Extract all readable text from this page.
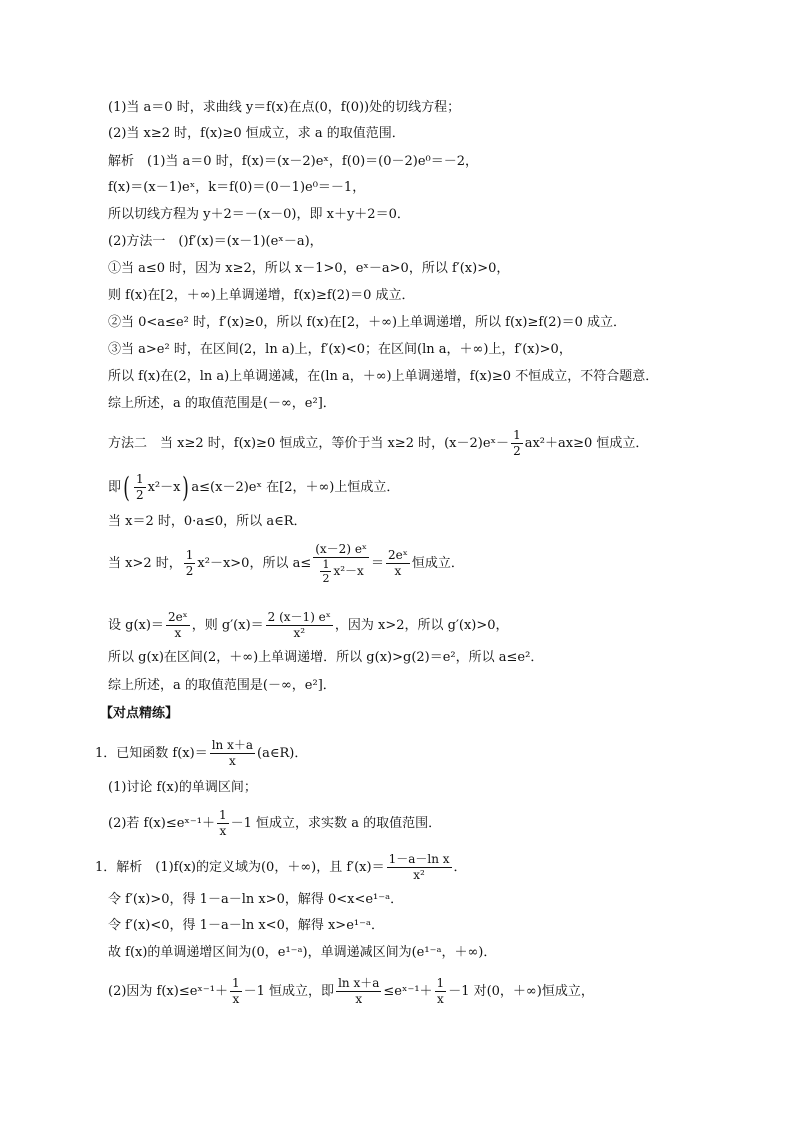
(1)当 a＝0 时，求曲线 y＝f(x)在点(0，f(0))处的切线方程；
(2)当 x≥2 时，f(x)≥0 恒成立，求 a 的取值范围．
解析　(1)当 a＝0 时，f(x)＝(x－2)eˣ，f(0)＝(0－2)e⁰＝－2，
f(x)＝(x－1)eˣ，k＝f(0)＝(0－1)e⁰＝－1，
所以切线方程为 y＋2＝－(x－0)，即 x＋y＋2＝0．
(2)方法一　()f′(x)＝(x－1)(eˣ－a)，
①当 a≤0 时，因为 x≥2，所以 x－1>0，eˣ－a>0，所以 f′(x)>0，
则 f(x)在[2，＋∞)上单调递增，f(x)≥f(2)＝0 成立．
②当 0<a≤e² 时，f′(x)≥0，所以 f(x)在[2，＋∞)上单调递增，所以 f(x)≥f(2)＝0 成立．
③当 a>e² 时，在区间(2，ln a)上，f′(x)<0；在区间(ln a，＋∞)上，f′(x)>0，
所以 f(x)在(2，ln a)上单调递减，在(ln a，＋∞)上单调递增，f(x)≥0 不恒成立，不符合题意．
综上所述，a 的取值范围是(－∞，e²]．
方法二　当 x≥2 时，f(x)≥0 恒成立，等价于当 x≥2 时，(x－2)eˣ－ $\frac{1}{2} ax^2+ax\ge 0$ 恒成立．
即( $\frac{1}{2} x^2-x$) a≤(x－2)eˣ 在[2，＋∞)上恒成立．
当 x＝2 时，0·a≤0，所以 a∈R．
当 x>2 时， $\frac{1}{2} x^2-x>0$，所以 $a\le \frac{\text{(x－2) eˣ}}{\frac{1}{2} x^2-x} = \frac{\text{2eˣ}}{x}$ 恒成立．
设 $g(x)= \frac{\text{2eˣ}}{x}$ ，则 $g'(x)= \frac{\text{2 (x－1) eˣ}}{\text{x²}}$ ，因为 x>2，所以 g′(x)>0，
所以 g(x)在区间(2，＋∞)上单调递增．所以 g(x)>g(2)＝e²，所以 a≤e²．
综上所述，a 的取值范围是(－∞，e²]．
【对点精练】
1．已知函数 $f(x)= \frac{\text{ln x＋a}}{x}$ (a∈R)．
(1)讨论 f(x)的单调区间；
(2)若 f(x)≤eˣ⁻¹＋ $\frac{1}{x} -1$ 恒成立，求实数 a 的取值范围．
1．解析　(1)f(x)的定义域为(0，＋∞)，且 $f'(x)= \frac{\text{1－a－ln x}}{\text{x²}}$ ．
令 f′(x)>0，得 1－a－ln x>0，解得 0<x<e¹⁻ᵃ．
令 f′(x)<0，得 1－a－ln x<0，解得 x>e¹⁻ᵃ．
故 f(x)的单调递增区间为(0，e¹⁻ᵃ)，单调递减区间为(e¹⁻ᵃ，＋∞)．
(2)因为 f(x)≤eˣ⁻¹＋ $\frac{1}{x} -1$ 恒成立，即 $\frac{\text{ln x＋a}}{x}$ ≤eˣ⁻¹＋ $\frac{1}{x} -1$ 对(0，＋∞)恒成立，
